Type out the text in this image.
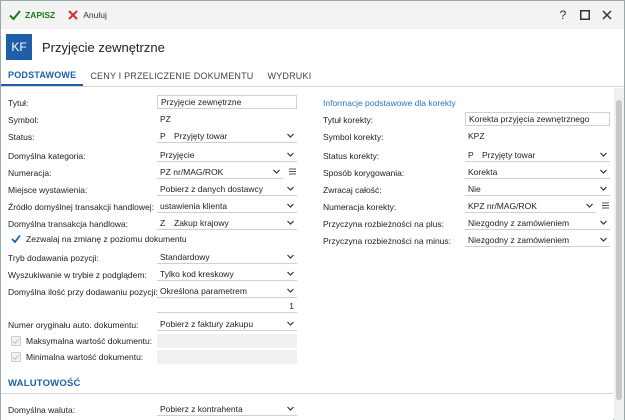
ZAPISZ	Anuluj	?
KF	Przyjęcie zewnętrzne
PODSTAWOWE	CENY I PRZELICZENIE DOKUMENTU	WYDRUKI
Tytuł:	Przyjęcie zewnętrzne
Symbol:	PZ
Status:	P Przyjęty towar
Domyślna kategoria:	Przyjęcie
Numeracja:	PZ nr/MAG/ROK
Miejsce wystawienia:	Pobierz z danych dostawcy
Źródło domyślnej transakcji handlowej: ustawienia klienta
Domyślna transakcja handlowa:	Z	Zakup krajowy
Zezwalaj na zmianę z poziomu dokumentu
Tryb dodawania pozycji:	Standardowy
Wyszukiwanie w trybie z podglądem: Tylko kod kreskowy
Domyślna ilość przy dodawaniu pozycji: Określona parametrem
1
Numer oryginału auto. dokumentu:	Pobierz z faktury zakupu
Maksymalna wartość dokumentu:
Minimalna wartość dokumentu:
WALUTOWOŚĆ
Domyślna waluta:	Pobierz z kontrahenta
Informacje podstawowe dla korekty
Tytuł korekty:	Korekta przyjęcia zewnętrznego
Symbol korekty:	KPZ
Status korekty:	P Przyjęty towar
Sposób korygowania:	Korekta
Zwracaj całość:	Nie
Numeracja korekty:	KPZ nr/MAG/ROK
Przyczyna rozbieżności na plus:	Niezgodny z zamówieniem
Przyczyna rozbieżności na minus: Niezgodny z zamówieniem
